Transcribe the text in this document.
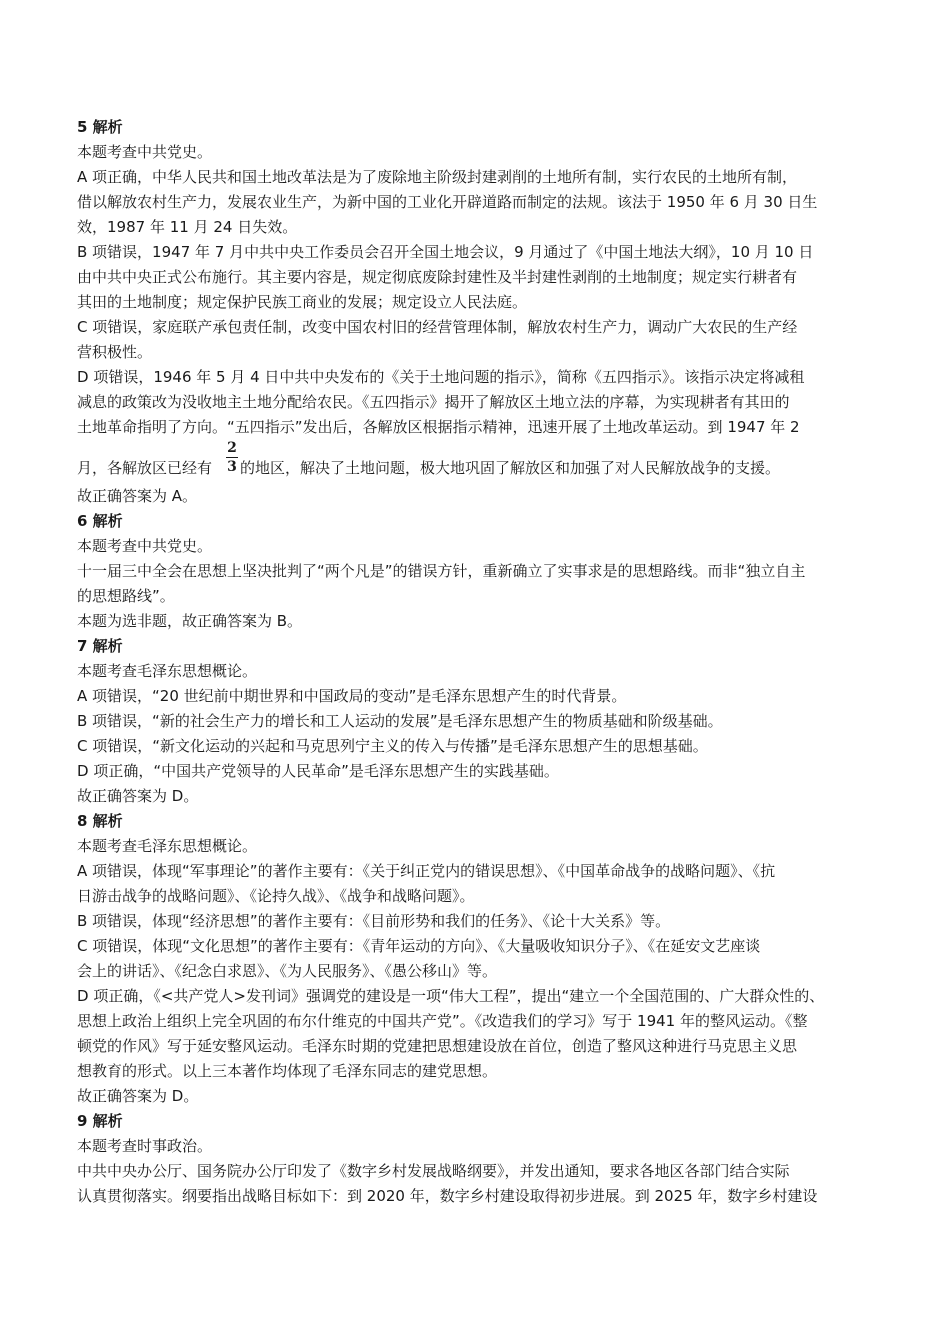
5 解析
本题考查中共党史。
A 项正确，中华人民共和国土地改革法是为了废除地主阶级封建剥削的土地所有制，实行农民的土地所有制，
借以解放农村生产力，发展农业生产，为新中国的工业化开辟道路而制定的法规。该法于 1950 年 6 月 30 日生
效，1987 年 11 月 24 日失效。
B 项错误，1947 年 7 月中共中央工作委员会召开全国土地会议，9 月通过了《中国土地法大纲》，10 月 10 日
由中共中央正式公布施行。其主要内容是，规定彻底废除封建性及半封建性剥削的土地制度；规定实行耕者有
其田的土地制度；规定保护民族工商业的发展；规定设立人民法庭。
C 项错误，家庭联产承包责任制，改变中国农村旧的经营管理体制，解放农村生产力，调动广大农民的生产经
营积极性。
D 项错误，1946 年 5 月 4 日中共中央发布的《关于土地问题的指示》，简称《五四指示》。该指示决定将减租
减息的政策改为没收地主土地分配给农民。《五四指示》揭开了解放区土地立法的序幕，为实现耕者有其田的
土地革命指明了方向。“五四指示”发出后，各解放区根据指示精神，迅速开展了土地改革运动。到 1947 年 2
月，各解放区已经有
2
3 的地区，解决了土地问题，极大地巩固了解放区和加强了对人民解放战争的支援。
故正确答案为 A。
6 解析
本题考查中共党史。
十一届三中全会在思想上坚决批判了“两个凡是”的错误方针，重新确立了实事求是的思想路线。而非“独立自主
的思想路线”。
本题为选非题，故正确答案为 B。
7 解析
本题考查毛泽东思想概论。
A 项错误，“20 世纪前中期世界和中国政局的变动”是毛泽东思想产生的时代背景。
B 项错误，“新的社会生产力的增长和工人运动的发展”是毛泽东思想产生的物质基础和阶级基础。
C 项错误，“新文化运动的兴起和马克思列宁主义的传入与传播”是毛泽东思想产生的思想基础。
D 项正确，“中国共产党领导的人民革命”是毛泽东思想产生的实践基础。
故正确答案为 D。
8 解析
本题考查毛泽东思想概论。
A 项错误，体现“军事理论”的著作主要有：《关于纠正党内的错误思想》、《中国革命战争的战略问题》、《抗
日游击战争的战略问题》、《论持久战》、《战争和战略问题》。
B 项错误，体现“经济思想”的著作主要有：《目前形势和我们的任务》、《论十大关系》等。
C 项错误，体现“文化思想”的著作主要有：《青年运动的方向》、《大量吸收知识分子》、《在延安文艺座谈
会上的讲话》、《纪念白求恩》、《为人民服务》、《愚公移山》等。
D 项正确，《<共产党人>发刊词》强调党的建设是一项“伟大工程”，提出“建立一个全国范围的、广大群众性的、
思想上政治上组织上完全巩固的布尔什维克的中国共产党”。《改造我们的学习》写于 1941 年的整风运动。《整
顿党的作风》写于延安整风运动。毛泽东时期的党建把思想建设放在首位，创造了整风这种进行马克思主义思
想教育的形式。以上三本著作均体现了毛泽东同志的建党思想。
故正确答案为 D。
9 解析
本题考查时事政治。
中共中央办公厅、国务院办公厅印发了《数字乡村发展战略纲要》，并发出通知，要求各地区各部门结合实际
认真贯彻落实。纲要指出战略目标如下：到 2020 年，数字乡村建设取得初步进展。到 2025 年，数字乡村建设
